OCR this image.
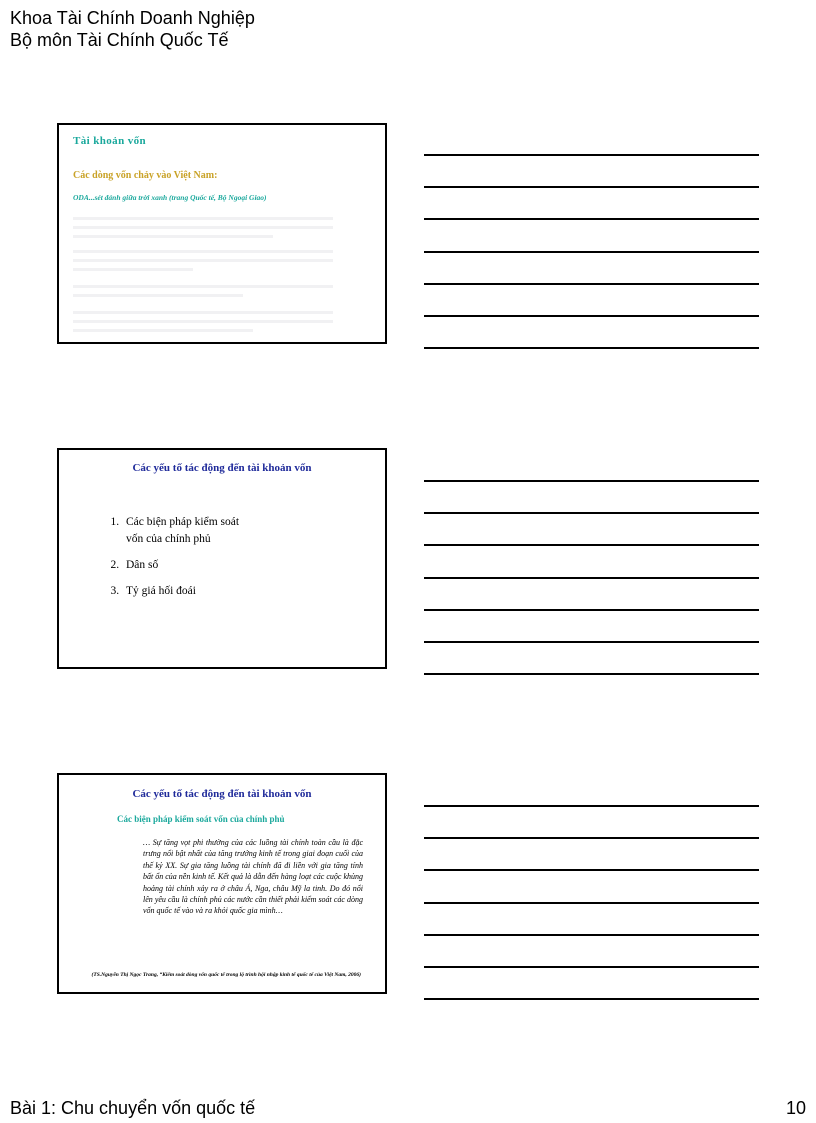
Khoa Tài Chính Doanh Nghiệp
Bộ môn Tài Chính Quốc Tế
Tài khoản vốn
Các dòng vốn chảy vào Việt Nam:
ODA...sét đánh giữa trời xanh (trang Quốc tế, Bộ Ngoại Giao)
Các yếu tố tác động đến tài khoản vốn
1. Các biện pháp kiểm soát vốn của chính phủ
2. Dân số
3. Tỷ giá hối đoái
Các yếu tố tác động đến tài khoản vốn
Các biện pháp kiểm soát vốn của chính phủ
… Sự tăng vọt phi thường của các luồng tài chính toàn cầu là đặc trưng nổi bật nhất của tăng trưởng kinh tế trong giai đoạn cuối của thế kỷ XX. Sự gia tăng luồng tài chính đã đi liền với gia tăng tính bất ổn của nền kinh tế. Kết quả là dẫn đến hàng loạt các cuộc khủng hoảng tài chính xảy ra ở châu Á, Nga, châu Mỹ la tinh. Do đó nổi lên yêu cầu là chính phủ các nước cần thiết phải kiểm soát các dòng vốn quốc tế vào và ra khỏi quốc gia mình…
(TS.Nguyễn Thị Ngọc Trang, “Kiểm soát dòng vốn quốc tế trong lộ trình hội nhập kinh tế quốc tế của Việt Nam, 2006)
Bài 1: Chu chuyển vốn quốc tế	10
